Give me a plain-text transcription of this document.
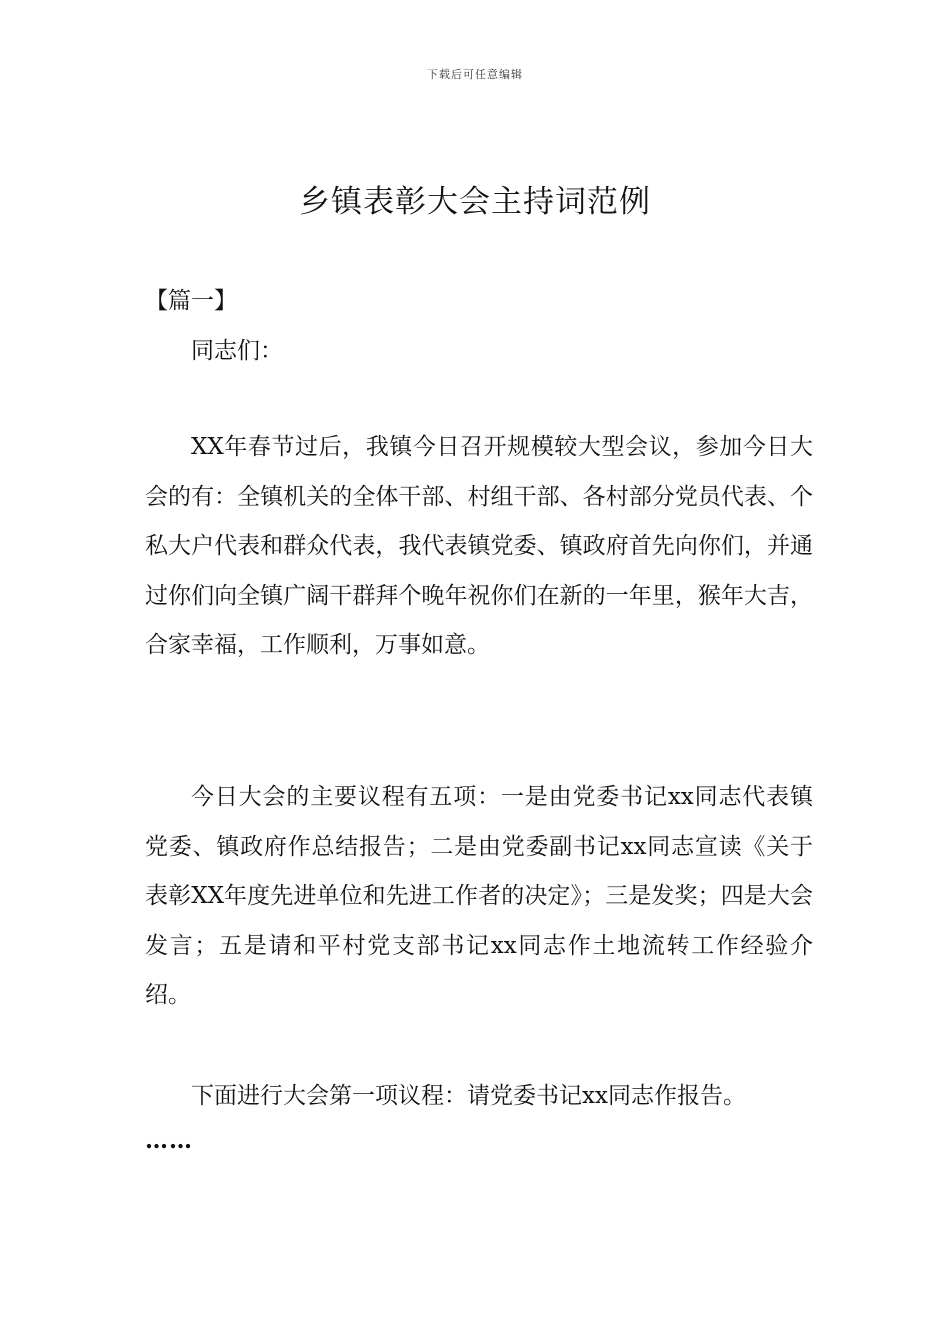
下载后可任意编辑
乡镇表彰大会主持词范例
【篇一】

同志们：

XX年春节过后，我镇今日召开规模较大型会议，参加今日大会的有：全镇机关的全体干部、村组干部、各村部分党员代表、个私大户代表和群众代表，我代表镇党委、镇政府首先向你们，并通过你们向全镇广阔干群拜个晚年祝你们在新的一年里，猴年大吉，合家幸福，工作顺利，万事如意。

今日大会的主要议程有五项：一是由党委书记xx同志代表镇党委、镇政府作总结报告；二是由党委副书记xx同志宣读《关于表彰XX年度先进单位和先进工作者的决定》；三是发奖；四是大会发言；五是请和平村党支部书记xx同志作土地流转工作经验介绍。

下面进行大会第一项议程：请党委书记xx同志作报告。

……
